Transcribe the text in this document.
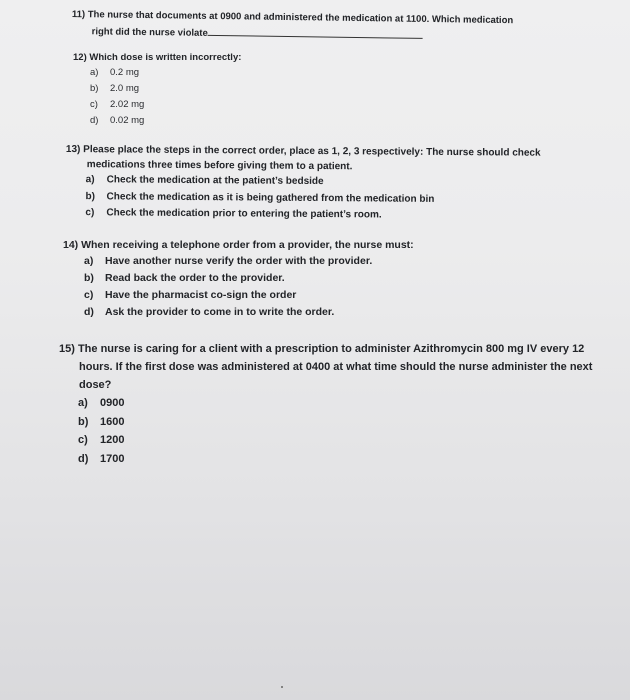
11) The nurse that documents at 0900 and administered the medication at 1100. Which medication
right did the nurse violate
12) Which dose is written incorrectly:
a)	0.2 mg
b)	2.0 mg
c)	2.02 mg
d)	0.02 mg
13) Please place the steps in the correct order, place as 1, 2, 3 respectively: The nurse should check
medications three times before giving them to a patient.
a)	Check the medication at the patient’s bedside
b)	Check the medication as it is being gathered from the medication bin
c)	Check the medication prior to entering the patient’s room.
14) When receiving a telephone order from a provider, the nurse must:
a)	Have another nurse verify the order with the provider.
b)	Read back the order to the provider.
c)	Have the pharmacist co-sign the order
d)	Ask the provider to come in to write the order.
15) The nurse is caring for a client with a prescription to administer Azithromycin 800 mg IV every 12
hours. If the first dose was administered at 0400 at what time should the nurse administer the next
dose?
a)	0900
b)	1600
c)	1200
d)	1700
